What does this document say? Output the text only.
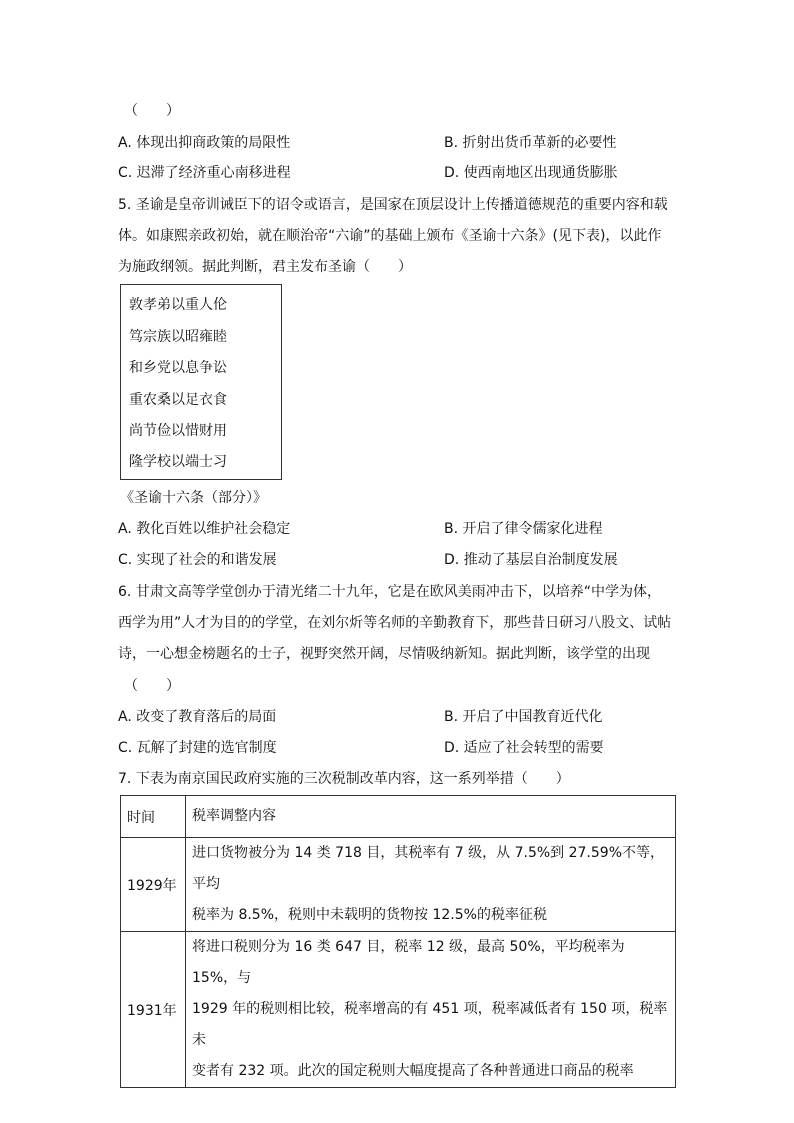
（　　）
A. 体现出抑商政策的局限性	B. 折射出货币革新的必要性
C. 迟滞了经济重心南移进程	D. 使西南地区出现通货膨胀
5. 圣谕是皇帝训诫臣下的诏令或语言，是国家在顶层设计上传播道德规范的重要内容和载
体。如康熙亲政初始，就在顺治帝“六谕”的基础上颁布《圣谕十六条》(见下表)，以此作
为施政纲领。据此判断，君主发布圣谕（　　）
敦孝弟以重人伦
笃宗族以昭雍睦
和乡党以息争讼
重农桑以足衣食
尚节俭以惜财用
隆学校以端士习
《圣谕十六条（部分）》
A. 教化百姓以维护社会稳定	B. 开启了律令儒家化进程
C. 实现了社会的和谐发展	D. 推动了基层自治制度发展
6. 甘肃文高等学堂创办于清光绪二十九年，它是在欧风美雨冲击下，以培养“中学为体，
西学为用”人才为目的的学堂，在刘尔炘等名师的辛勤教育下，那些昔日研习八股文、试帖
诗，一心想金榜题名的士子，视野突然开阔，尽情吸纳新知。据此判断，该学堂的出现
（　　）
A. 改变了教育落后的局面	B. 开启了中国教育近代化
C. 瓦解了封建的选官制度	D. 适应了社会转型的需要
7. 下表为南京国民政府实施的三次税制改革内容，这一系列举措（　　）
时间	税率调整内容
1929年	进口货物被分为 14 类 718 目，其税率有 7 级，从 7.5%到 27.59%不等，平均
税率为 8.5%，税则中未载明的货物按 12.5%的税率征税

1931年	将进口税则分为 16 类 647 目，税率 12 级，最高 50%，平均税率为 15%，与
1929 年的税则相比较，税率增高的有 451 项，税率减低者有 150 项，税率未
变者有 232 项。此次的国定税则大幅度提高了各种普通进口商品的税率
